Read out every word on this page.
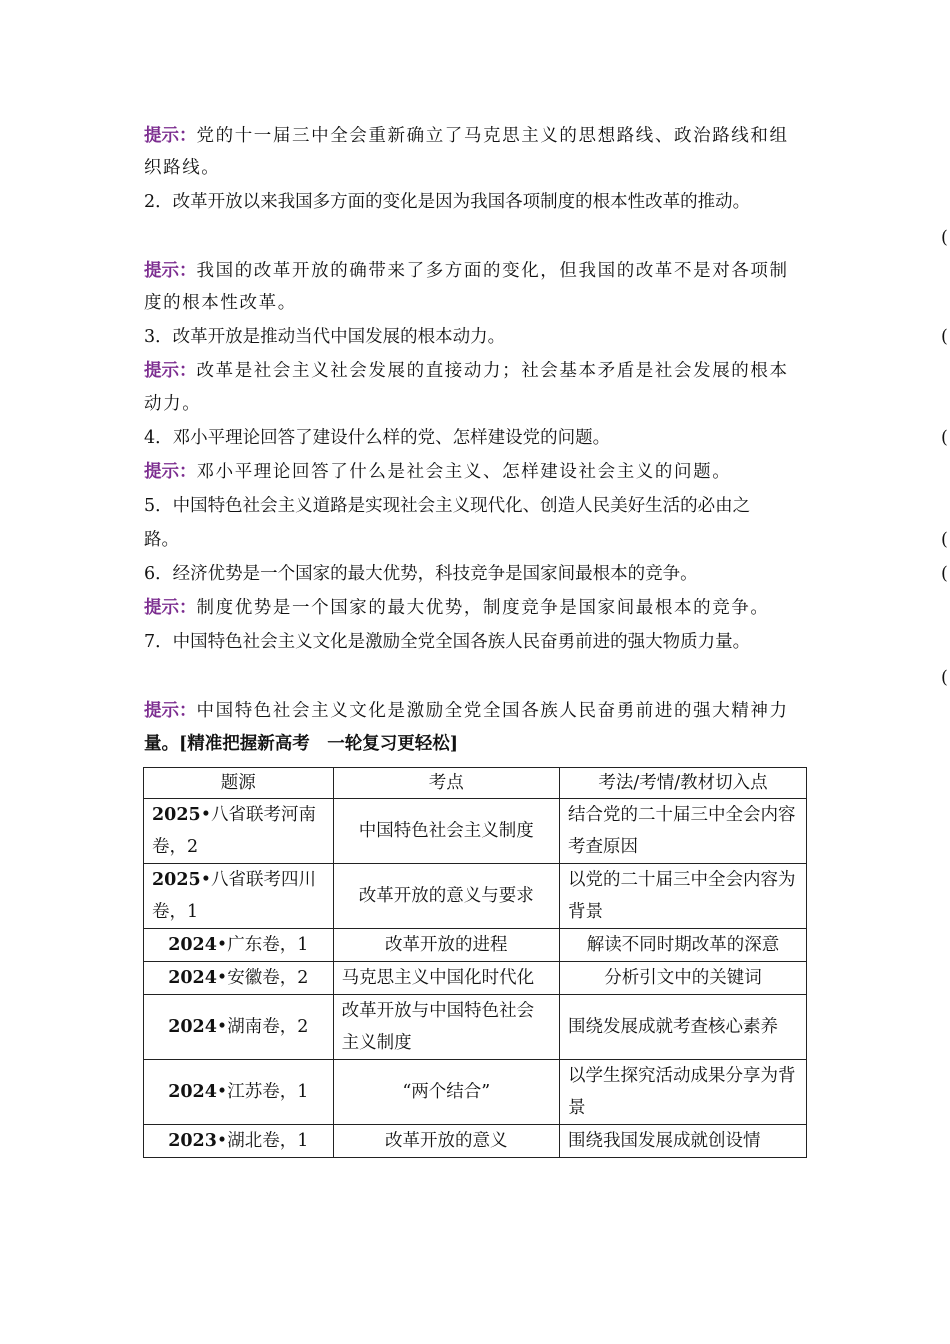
提示：党的十一届三中全会重新确立了马克思主义的思想路线、政治路线和组
织路线。
2．改革开放以来我国多方面的变化是因为我国各项制度的根本性改革的推动。
(
提示：我国的改革开放的确带来了多方面的变化，但我国的改革不是对各项制
度的根本性改革。
3．改革开放是推动当代中国发展的根本动力。	(
提示：改革是社会主义社会发展的直接动力；社会基本矛盾是社会发展的根本
动力。
4．邓小平理论回答了建设什么样的党、怎样建设党的问题。	(
提示：邓小平理论回答了什么是社会主义、怎样建设社会主义的问题。
5．中国特色社会主义道路是实现社会主义现代化、创造人民美好生活的必由之
路。	(
6．经济优势是一个国家的最大优势，科技竞争是国家间最根本的竞争。	(
提示：制度优势是一个国家的最大优势，制度竞争是国家间最根本的竞争。
7．中国特色社会主义文化是激励全党全国各族人民奋勇前进的强大物质力量。
(
提示：中国特色社会主义文化是激励全党全国各族人民奋勇前进的强大精神力
量。[精准把握新高考　一轮复习更轻松]
题源	考点	考法/考情/教材切入点
2025•八省联考河南卷，2	中国特色社会主义制度	结合党的二十届三中全会内容考查原因
2025•八省联考四川卷，1	改革开放的意义与要求	以党的二十届三中全会内容为背景
2024•广东卷，1	改革开放的进程	解读不同时期改革的深意
2024•安徽卷，2	马克思主义中国化时代化	分析引文中的关键词
2024•湖南卷，2	改革开放与中国特色社会主义制度	围绕发展成就考查核心素养
2024•江苏卷，1	“两个结合”	以学生探究活动成果分享为背景
2023•湖北卷，1	改革开放的意义	围绕我国发展成就创设情
